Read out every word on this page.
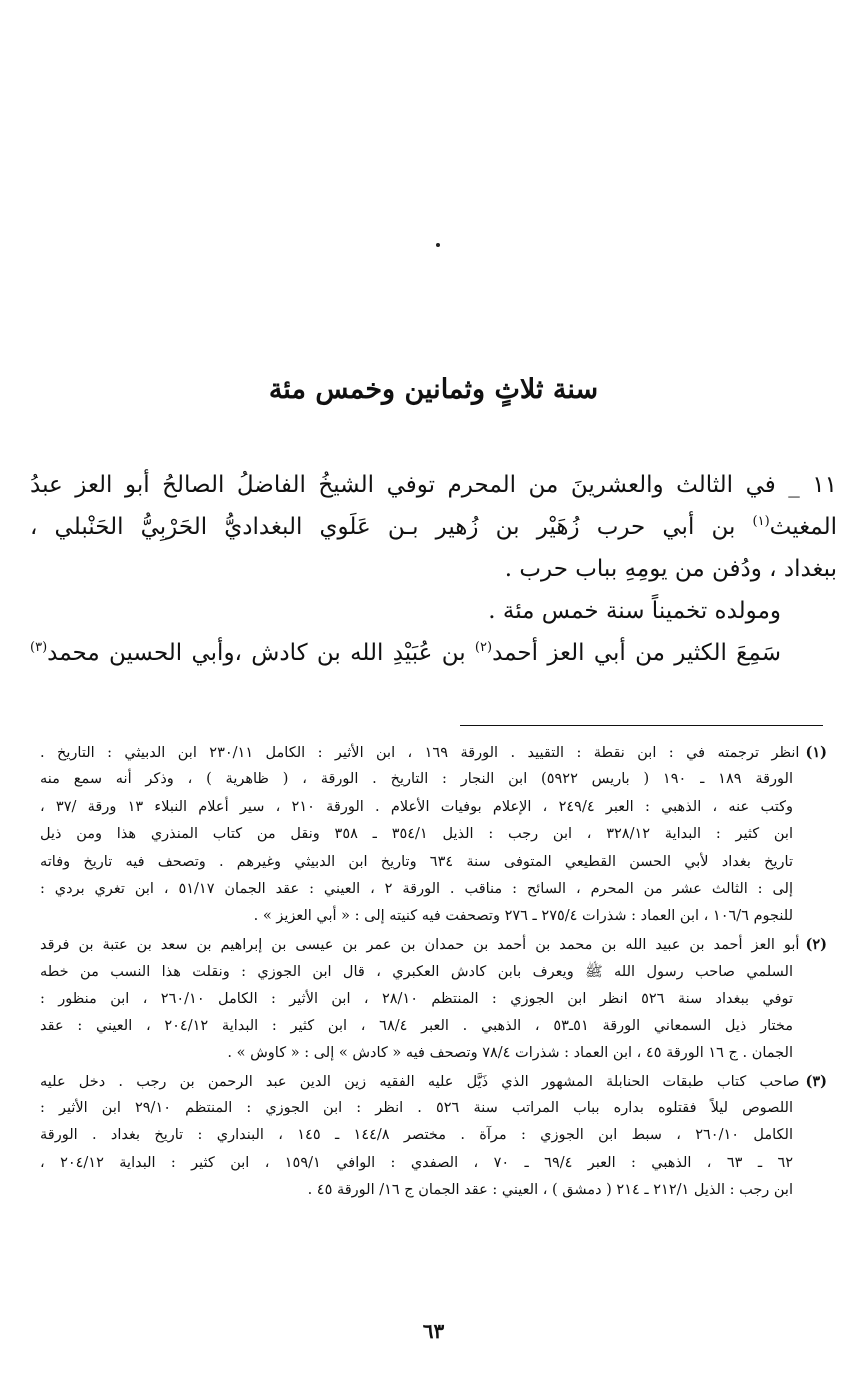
سنة ثلاثٍ وثمانين وخمس مئة
١١ _ في الثالث والعشرينَ من المحرم توفي الشيخُ الفاضلُ الصالحُ أبو العز عبدُ
المغيث$^{(١)}$ بن أبي حرب زُهَيْر بن زُهير بـن عَلَوي البغداديُّ الحَرْبِيُّ الحَنْبلي ،
ببغداد ، ودُفن من يومِهِ بباب حرب .
ومولده تخميناً سنة خمس مئة .
سَمِعَ الكثير من أبي العز أحمد$^{(٢)}$ بن عُبَيْدِ الله بن كادش ،وأبي الحسين محمد$^{(٣)}$
(١)انظر ترجمته في : ابن نقطة : التقييد . الورقة ١٦٩ ، ابن الأثير : الكامل ٢٣٠/١١ ابن الدبيثي : التاريخ .
الورقة ١٨٩ ـ ١٩٠ ( باريس ٥٩٢٢) ابن النجار : التاريخ . الورقة ، ( ظاهرية ) ، وذكر أنه سمع منه
وكتب عنه ، الذهبي : العبر ٢٤٩/٤ ، الإعلام بوفيات الأعلام . الورقة ٢١٠ ، سير أعلام النبلاء ١٣ ورقة /٣٧ ،
ابن كثير : البداية ٣٢٨/١٢ ، ابن رجب : الذيل ٣٥٤/١ ـ ٣٥٨ ونقل من كتاب المنذري هذا ومن ذيل
تاريخ بغداد لأبي الحسن القطيعي المتوفى سنة ٦٣٤ وتاريخ ابن الدبيثي وغيرهم . وتصحف فيه تاريخ وفاته
إلى : الثالث عشر من المحرم ، السائح : مناقب . الورقة ٢ ، العيني : عقد الجمان ٥١/١٧ ، ابن تغري بردي :
للنجوم ١٠٦/٦ ، ابن العماد : شذرات ٢٧٥/٤ ـ ٢٧٦ وتصحفت فيه كنيته إلى : « أبي العزيز » .
(٢)أبو العز أحمد بن عبيد الله بن محمد بن أحمد بن حمدان بن عمر بن عيسى بن إبراهيم بن سعد بن عتبة بن فرقد
السلمي صاحب رسول الله ﷺ ويعرف بابن كادش العكبري ، قال ابن الجوزي : ونقلت هذا النسب من خطه
توفي ببغداد سنة ٥٢٦ انظر ابن الجوزي : المنتظم ٢٨/١٠ ، ابن الأثير : الكامل ٢٦٠/١٠ ، ابن منظور :
مختار ذيل السمعاني الورقة ٥١ـ٥٣ ، الذهبي . العبر ٦٨/٤ ، ابن كثير : البداية ٢٠٤/١٢ ، العيني : عقد
الجمان . ج ١٦ الورقة ٤٥ ، ابن العماد : شذرات ٧٨/٤ وتصحف فيه « كادش » إلى : « كاوش » .
(٣)صاحب كتاب طبقات الحنابلة المشهور الذي ذَيَّل عليه الفقيه زين الدين عبد الرحمن بن رجب . دخل عليه
اللصوص ليلاً فقتلوه بداره بباب المراتب سنة ٥٢٦ . انظر : ابن الجوزي : المنتظم ٢٩/١٠ ابن الأثير :
الكامل ٢٦٠/١٠ ، سبط ابن الجوزي : مرآة . مختصر ١٤٤/٨ ـ ١٤٥ ، البنداري : تاريخ بغداد . الورقة
٦٢ ـ ٦٣ ، الذهبي : العبر ٦٩/٤ ـ ٧٠ ، الصفدي : الوافي ١٥٩/١ ، ابن كثير : البداية ٢٠٤/١٢ ،
ابن رجب : الذيل ٢١٢/١ ـ ٢١٤ ( دمشق ) ، العيني : عقد الجمان ج ١٦/ الورقة ٤٥ .
٦٣
